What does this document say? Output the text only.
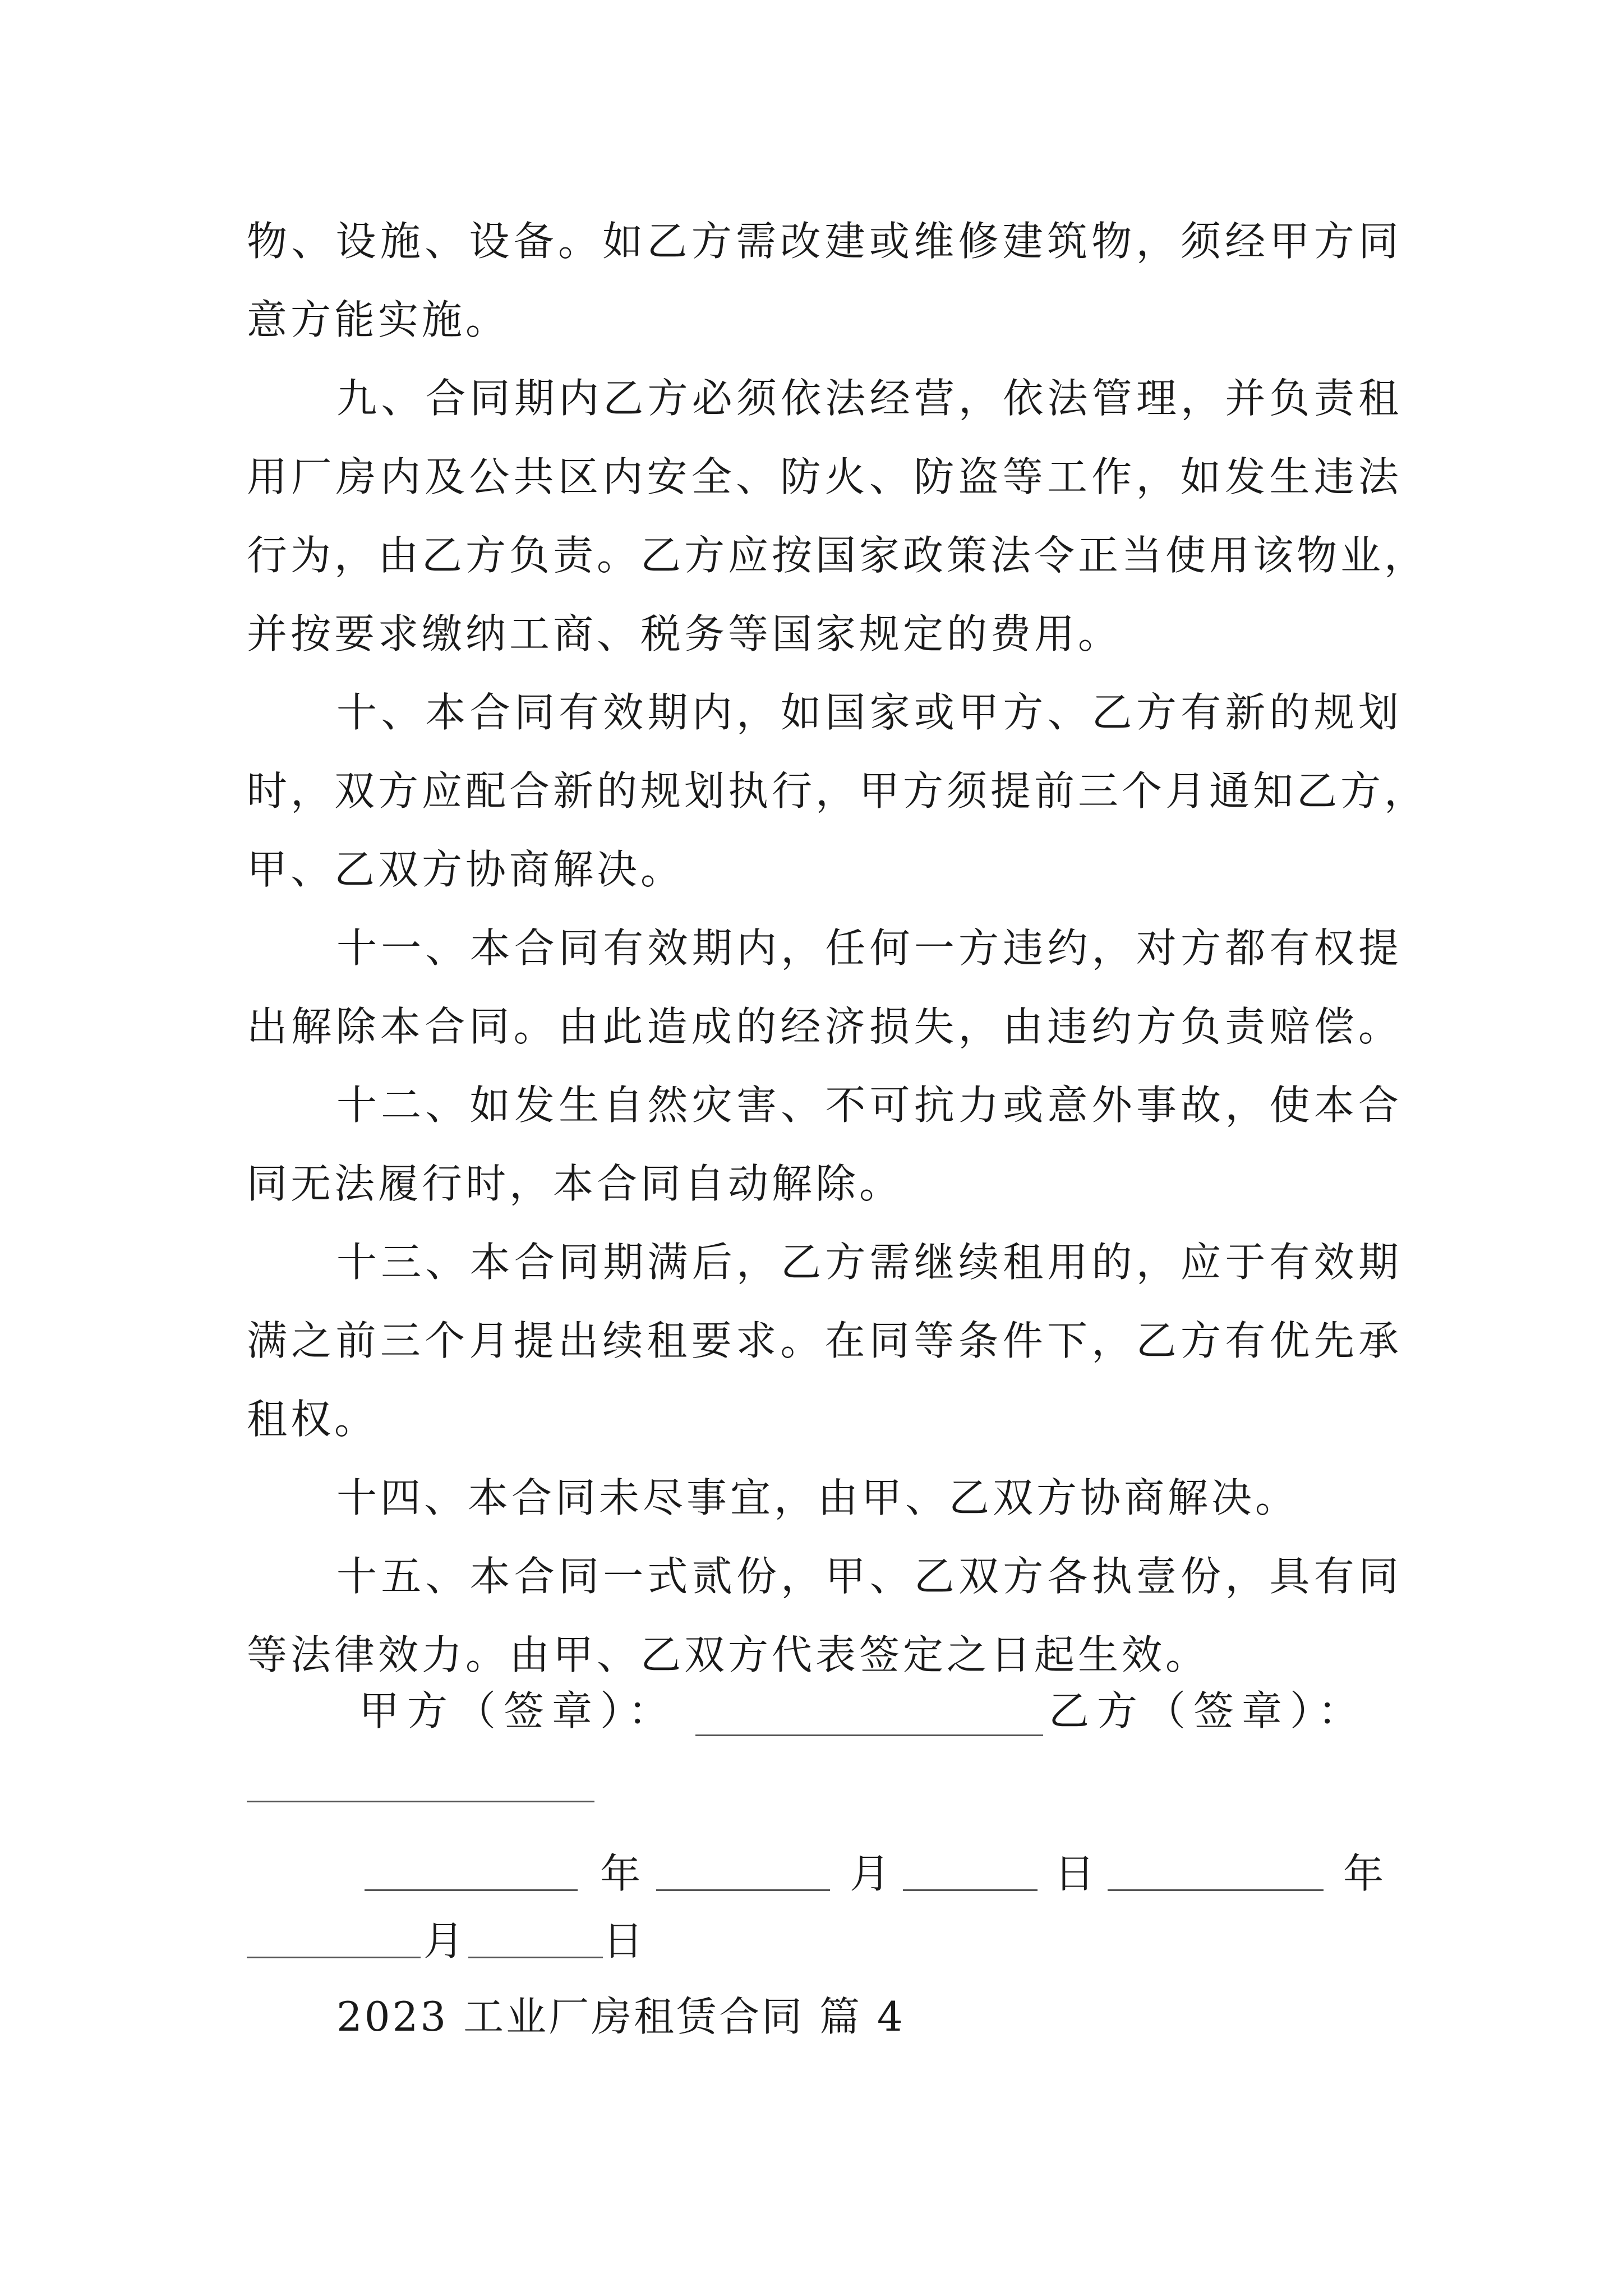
物、设施、设备。如乙方需改建或维修建筑物，须经甲方同
意方能实施。
九、合同期内乙方必须依法经营，依法管理，并负责租
用厂房内及公共区内安全、防火、防盗等工作，如发生违法
行为，由乙方负责。乙方应按国家政策法令正当使用该物业，
并按要求缴纳工商、税务等国家规定的费用。
十、本合同有效期内，如国家或甲方、乙方有新的规划
时，双方应配合新的规划执行，甲方须提前三个月通知乙方，
甲、乙双方协商解决。
十一、本合同有效期内，任何一方违约，对方都有权提
出解除本合同。由此造成的经济损失，由违约方负责赔偿。
十二、如发生自然灾害、不可抗力或意外事故，使本合
同无法履行时，本合同自动解除。
十三、本合同期满后，乙方需继续租用的，应于有效期
满之前三个月提出续租要求。在同等条件下，乙方有优先承
租权。
十四、本合同未尽事宜，由甲、乙双方协商解决。
十五、本合同一式贰份，甲、乙双方各执壹份，具有同
等法律效力。由甲、乙双方代表签定之日起生效。
甲方（签章）：	乙方（签章）：
年	月	日	年
月	日
2023 工业厂房租赁合同 篇 4
